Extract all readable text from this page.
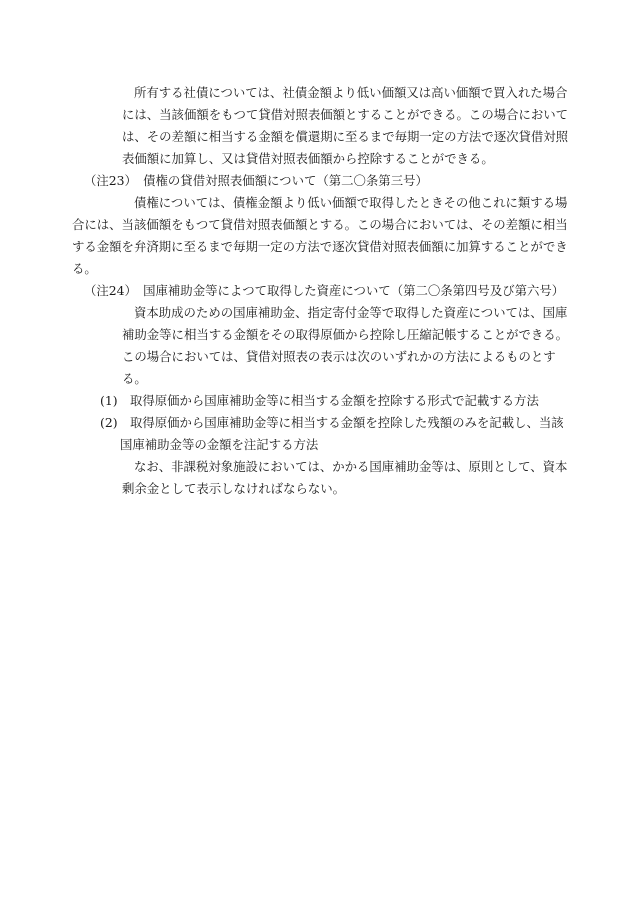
所有する社債については、社債金額より低い価額又は高い価額で買入れた場合
には、当該価額をもつて貸借対照表価額とすることができる。この場合において
は、その差額に相当する金額を償還期に至るまで毎期一定の方法で逐次貸借対照
表価額に加算し、又は貸借対照表価額から控除することができる。
（注23）　債権の貸借対照表価額について（第二〇条第三号）
債権については、債権金額より低い価額で取得したときその他これに類する場
合には、当該価額をもつて貸借対照表価額とする。この場合においては、その差額に相当
する金額を弁済期に至るまで毎期一定の方法で逐次貸借対照表価額に加算することができ
る。
（注24）　国庫補助金等によつて取得した資産について（第二〇条第四号及び第六号）
資本助成のための国庫補助金、指定寄付金等で取得した資産については、国庫
補助金等に相当する金額をその取得原価から控除し圧縮記帳することができる。
この場合においては、貸借対照表の表示は次のいずれかの方法によるものとす
る。
(1)　取得原価から国庫補助金等に相当する金額を控除する形式で記載する方法
(2)　取得原価から国庫補助金等に相当する金額を控除した残額のみを記載し、当該
国庫補助金等の金額を注記する方法
なお、非課税対象施設においては、かかる国庫補助金等は、原則として、資本
剰余金として表示しなければならない。
